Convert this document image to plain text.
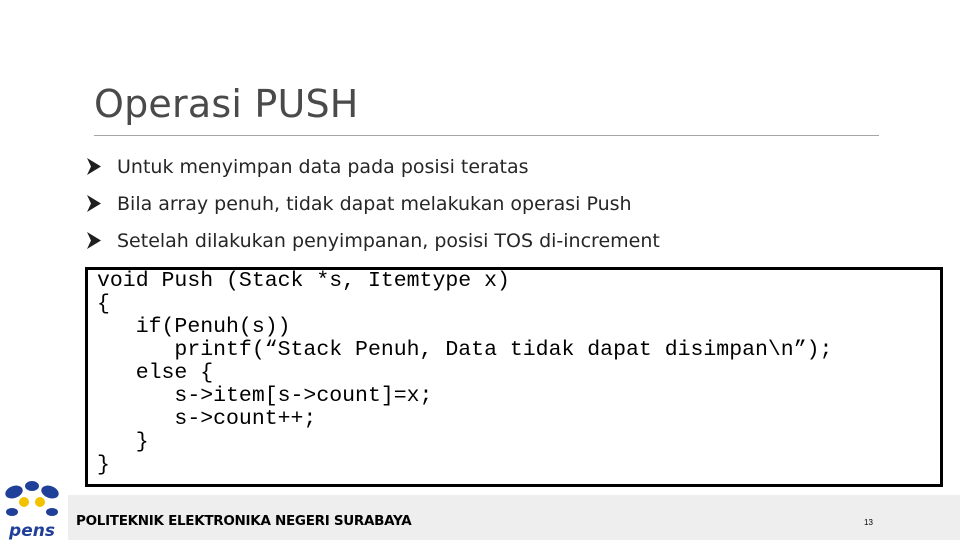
Operasi PUSH
Untuk menyimpan data pada posisi teratas
Bila array penuh, tidak dapat melakukan operasi Push
Setelah dilakukan penyimpanan, posisi TOS di-increment
void Push (Stack *s, Itemtype x)
{
if(Penuh(s))
printf(“Stack Penuh, Data tidak dapat disimpan\n”);
else {
s->item[s->count]=x;
s->count++;
}
}
POLITEKNIK ELEKTRONIKA NEGERI SURABAYA	13
pens
